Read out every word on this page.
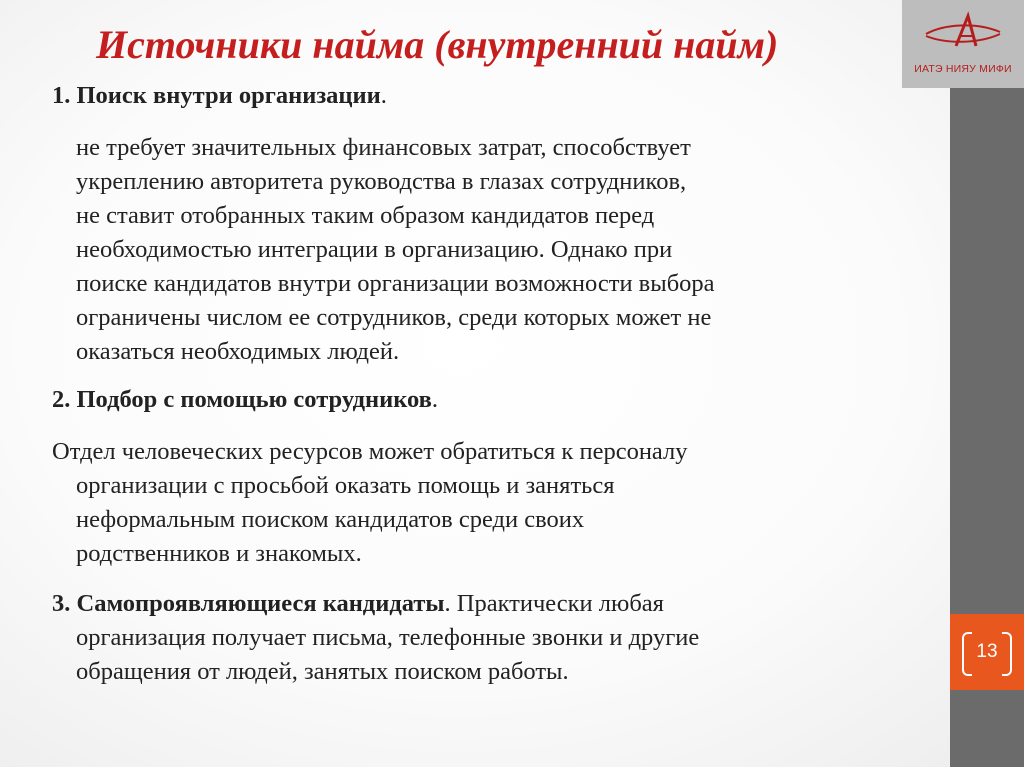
ИАТЭ НИЯУ МИФИ
13
Источники найма (внутренний найм)
1. Поиск внутри организации.
не требует значительных финансовых затрат, способствует
укреплению авторитета руководства в глазах сотрудников,
не ставит отобранных таким образом кандидатов перед
необходимостью интеграции в организацию. Однако при
поиске кандидатов внутри организации возможности выбора
ограничены числом ее сотрудников, среди которых может не
оказаться необходимых людей.
2. Подбор с помощью сотрудников.
Отдел человеческих ресурсов может обратиться к персоналу
организации с просьбой оказать помощь и заняться
неформальным поиском кандидатов среди своих
родственников и знакомых.
3. Самопроявляющиеся кандидаты. Практически любая
организация получает письма, телефонные звонки и другие
обращения от людей, занятых поиском работы.
